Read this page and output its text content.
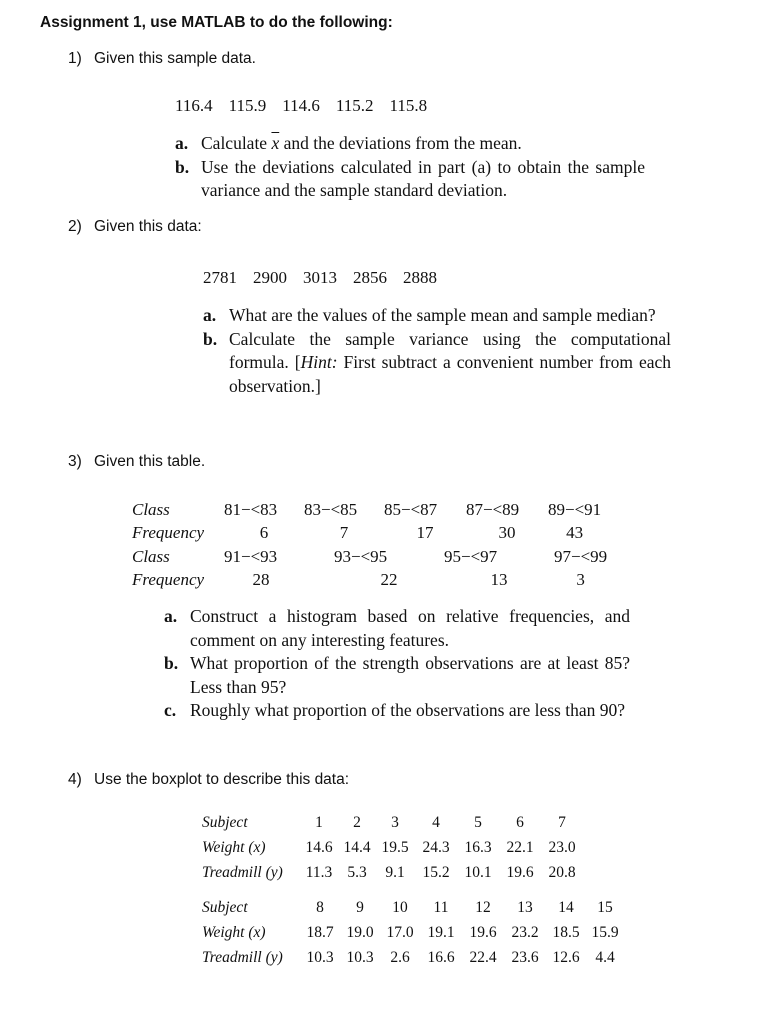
Assignment 1, use MATLAB to do the following:
1) Given this sample data.
116.4 115.9 114.6 115.2 115.8
a. Calculate $\overline{x}$ and the deviations from the mean.
b. Use the deviations calculated in part (a) to obtain the sample variance and the sample standard deviation.
2) Given this data:
2781 2900 3013 2856 2888
a. What are the values of the sample mean and sample median?
b. Calculate the sample variance using the computational formula. [Hint: First subtract a convenient number from each observation.]
3) Given this table.
Class	81−<83	83−<85	85−<87	87−<89	89−<91
Frequency	6	7	17	30	43
Class	91−<93	93−<95	95−<97	97−<99
Frequency	28	22	13	3
a. Construct a histogram based on relative frequencies, and comment on any interesting features.
b. What proportion of the strength observations are at least 85? Less than 95?
c. Roughly what proportion of the observations are less than 90?
4) Use the boxplot to describe this data:
Subject	1	2	3	4	5	6	7
Weight (x)	14.6	14.4	19.5	24.3	16.3	22.1	23.0
Treadmill (y)	11.3	5.3	9.1	15.2	10.1	19.6	20.8
Subject	8	9	10	11	12	13	14	15
Weight (x)	18.7	19.0	17.0	19.1	19.6	23.2	18.5	15.9
Treadmill (y)	10.3	10.3	2.6	16.6	22.4	23.6	12.6	4.4
